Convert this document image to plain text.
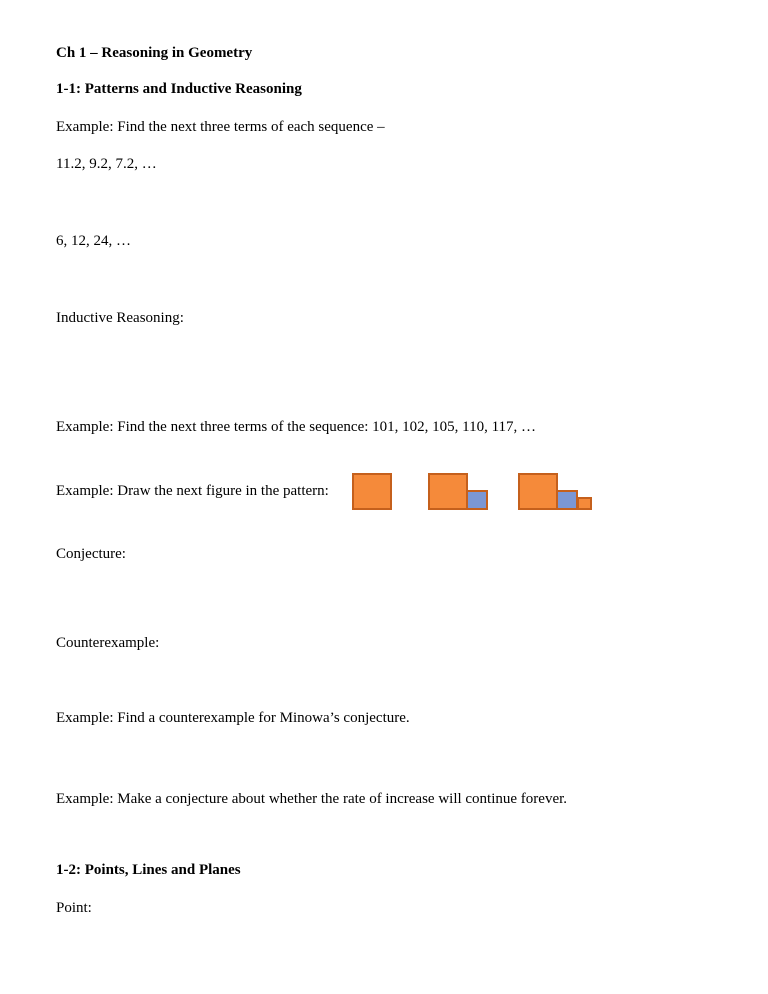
Ch 1 – Reasoning in Geometry
1-1: Patterns and Inductive Reasoning
Example: Find the next three terms of each sequence –
11.2, 9.2, 7.2, …
6, 12, 24, …
Inductive Reasoning:
Example: Find the next three terms of the sequence: 101, 102, 105, 110, 117, …
Example: Draw the next figure in the pattern:
Conjecture:
Counterexample:
Example: Find a counterexample for Minowa’s conjecture.
Example: Make a conjecture about whether the rate of increase will continue forever.
1-2: Points, Lines and Planes
Point:
